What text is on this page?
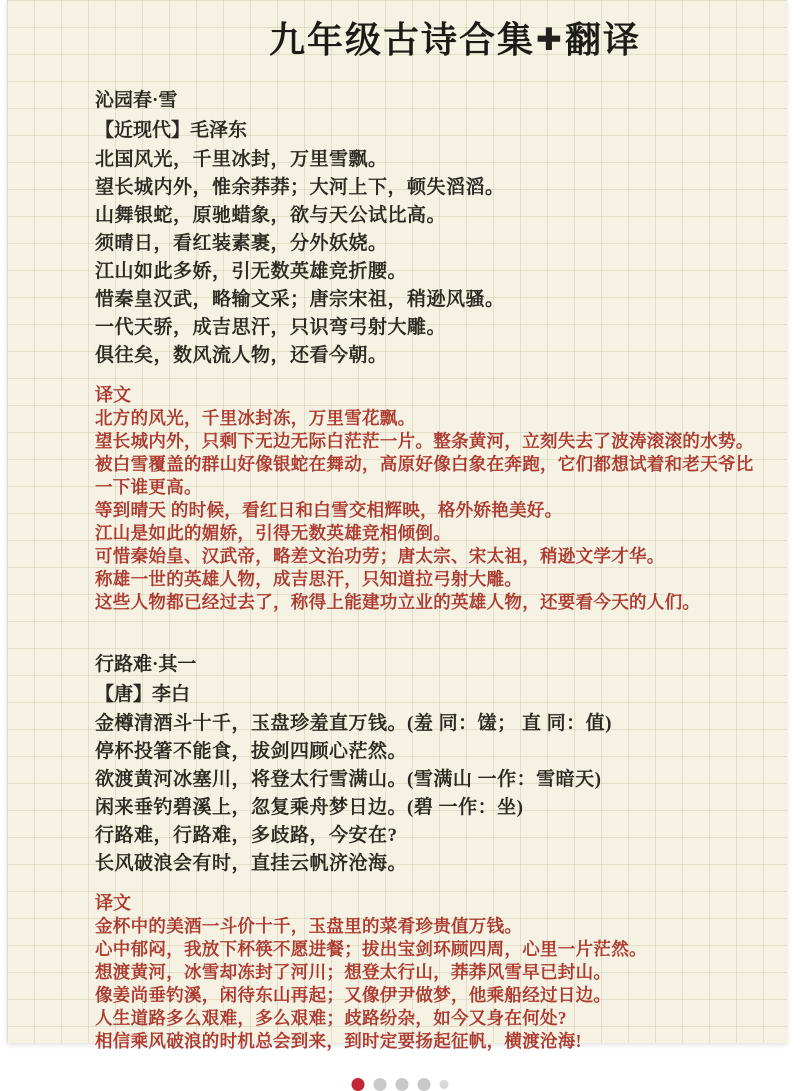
九年级古诗合集✚翻译
沁园春·雪
【近现代】毛泽东
北国风光，千里冰封，万里雪飘。
望长城内外，惟余莽莽；大河上下，顿失滔滔。
山舞银蛇，原驰蜡象，欲与天公试比高。
须晴日，看红装素裹，分外妖娆。
江山如此多娇，引无数英雄竞折腰。
惜秦皇汉武，略输文采；唐宗宋祖，稍逊风骚。
一代天骄，成吉思汗，只识弯弓射大雕。
俱往矣，数风流人物，还看今朝。
译文
北方的风光，千里冰封冻，万里雪花飘。
望长城内外，只剩下无边无际白茫茫一片。整条黄河，立刻失去了波涛滚滚的水势。
被白雪覆盖的群山好像银蛇在舞动，高原好像白象在奔跑，它们都想试着和老天爷比一下谁更高。
等到晴天 的时候，看红日和白雪交相辉映，格外娇艳美好。
江山是如此的媚娇，引得无数英雄竞相倾倒。
可惜秦始皇、汉武帝，略差文治功劳；唐太宗、宋太祖，稍逊文学才华。
称雄一世的英雄人物，成吉思汗，只知道拉弓射大雕。
这些人物都已经过去了，称得上能建功立业的英雄人物，还要看今天的人们。
行路难·其一
【唐】李白
金樽清酒斗十千，玉盘珍羞直万钱。(羞 同：馐； 直 同：值)
停杯投箸不能食，拔剑四顾心茫然。
欲渡黄河冰塞川，将登太行雪满山。(雪满山 一作：雪暗天)
闲来垂钓碧溪上，忽复乘舟梦日边。(碧 一作：坐)
行路难，行路难，多歧路，今安在?
长风破浪会有时，直挂云帆济沧海。
译文
金杯中的美酒一斗价十千，玉盘里的菜肴珍贵值万钱。
心中郁闷，我放下杯筷不愿进餐；拔出宝剑环顾四周，心里一片茫然。
想渡黄河，冰雪却冻封了河川；想登太行山，莽莽风雪早已封山。
像姜尚垂钓溪，闲待东山再起；又像伊尹做梦，他乘船经过日边。
人生道路多么艰难，多么艰难；歧路纷杂，如今又身在何处?
相信乘风破浪的时机总会到来，到时定要扬起征帆，横渡沧海!
